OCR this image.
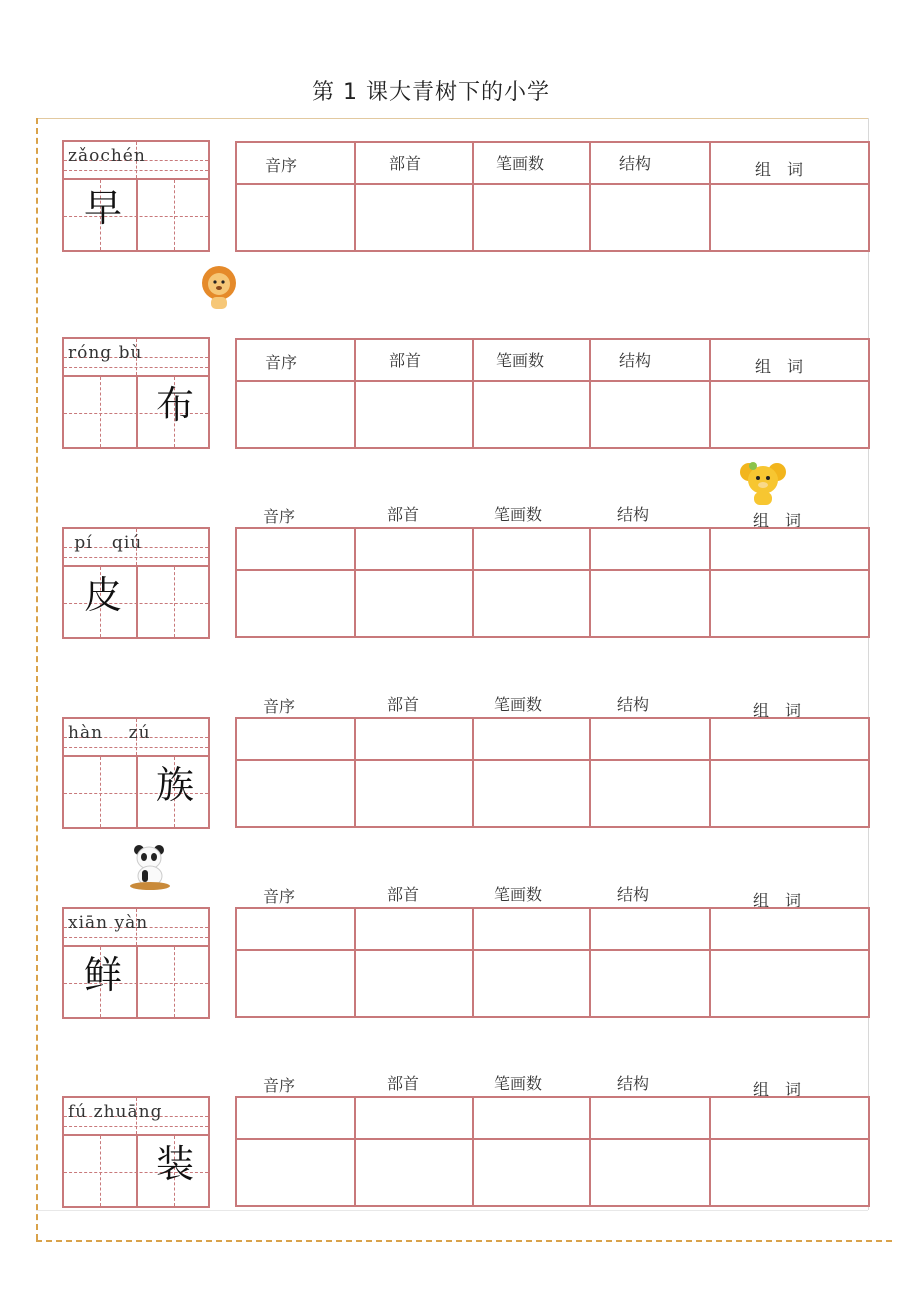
第 1 课大青树下的小学
zǎochén
早
音序	部首	笔画数	结构	组　词
róng bù
布
音序	部首	笔画数	结构	组　词
音序	部首	笔画数	结构	组　词
pí   qiú
皮
音序	部首	笔画数	结构	组　词
hàn    zú
族
音序	部首	笔画数	结构	组　词
xiān yàn
鲜
音序	部首	笔画数	结构	组　词
fú zhuāng
装
